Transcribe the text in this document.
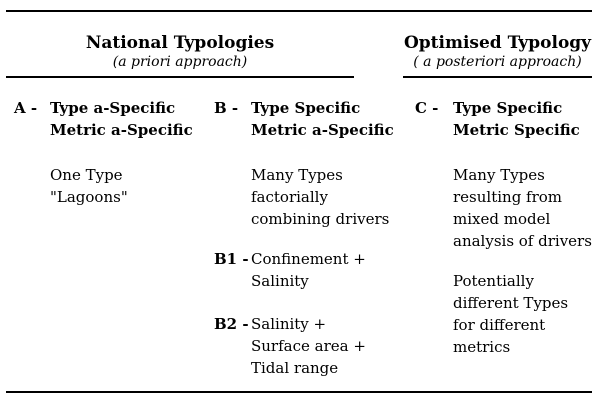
National Typologies
(a priori approach)
Optimised Typology
( a posteriori approach)
A - Type a-Specific
Metric a-Specific
One Type
"Lagoons"
B - Type Specific
Metric a-Specific
Many Types
factorially
combining drivers
B1 - Confinement +
Salinity
B2 - Salinity +
Surface area +
Tidal range
C - Type Specific
Metric Specific
Many Types
resulting from
mixed model
analysis of drivers
Potentially
different Types
for different
metrics
